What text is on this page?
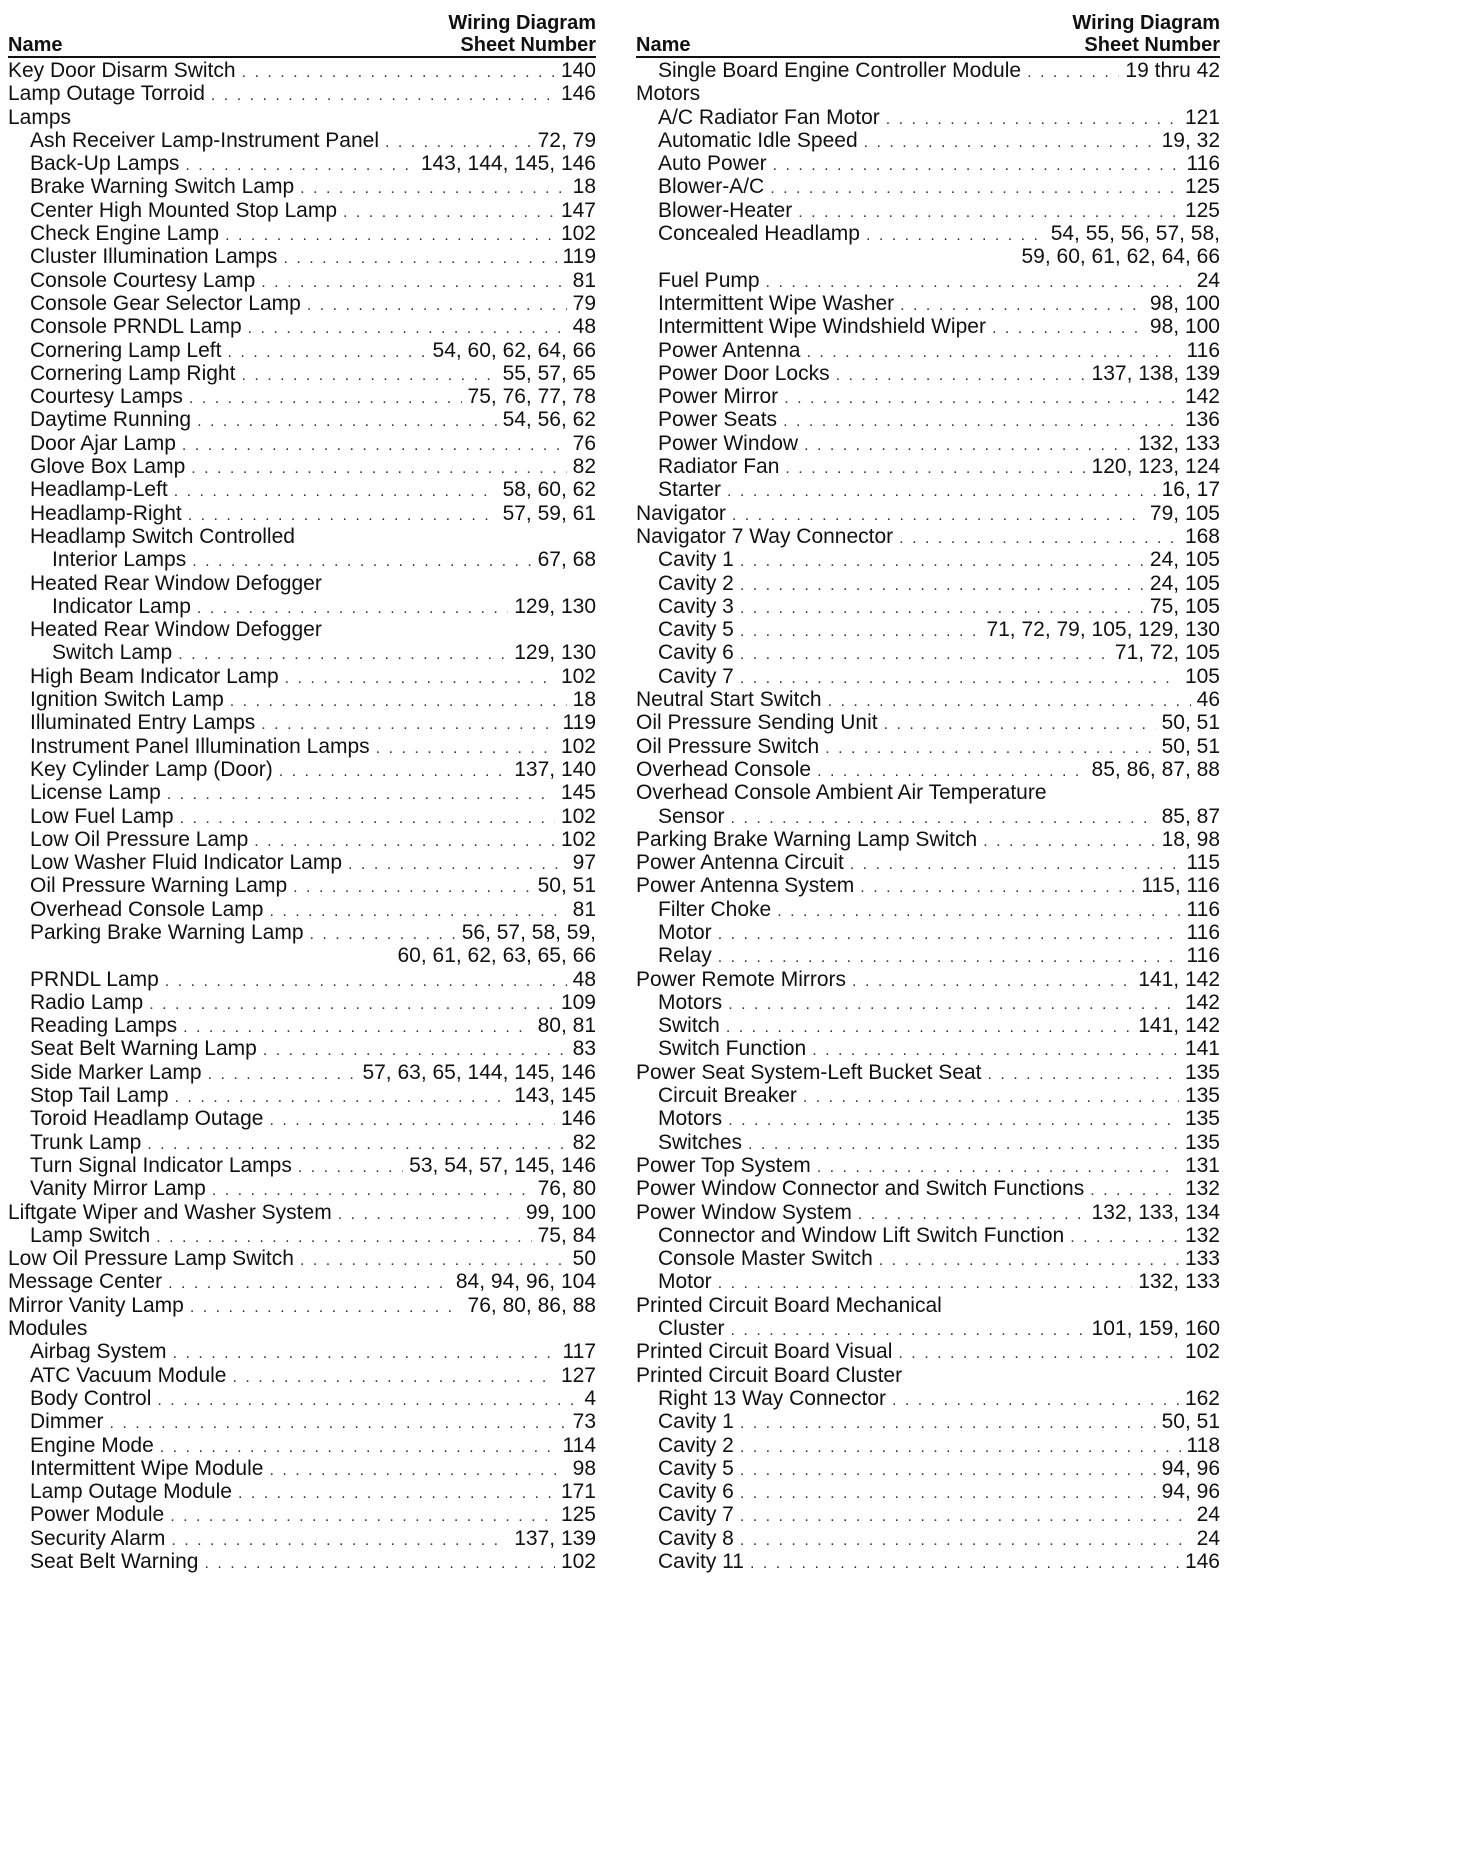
Name
Wiring Diagram
Sheet Number
Key Door Disarm Switch . . .	140
Lamp Outage Torroid . . .	146
Lamps
Ash Receiver Lamp-Instrument Panel . . .	72, 79
Back-Up Lamps . . .	143, 144, 145, 146
Brake Warning Switch Lamp . . .	18
Center High Mounted Stop Lamp . . .	147
Check Engine Lamp . . .	102
Cluster Illumination Lamps . . .	119
Console Courtesy Lamp . . .	81
Console Gear Selector Lamp . . .	79
Console PRNDL Lamp . . .	48
Cornering Lamp Left . . .	54, 60, 62, 64, 66
Cornering Lamp Right . . .	55, 57, 65
Courtesy Lamps . . .	75, 76, 77, 78
Daytime Running . . .	54, 56, 62
Door Ajar Lamp . . .	76
Glove Box Lamp . . .	82
Headlamp-Left . . .	58, 60, 62
Headlamp-Right . . .	57, 59, 61
Headlamp Switch Controlled
Interior Lamps . . .	67, 68
Heated Rear Window Defogger
Indicator Lamp . . .	129, 130
Heated Rear Window Defogger
Switch Lamp . . .	129, 130
High Beam Indicator Lamp . . .	102
Ignition Switch Lamp . . .	18
Illuminated Entry Lamps . . .	119
Instrument Panel Illumination Lamps . . .	102
Key Cylinder Lamp (Door) . . .	137, 140
License Lamp . . .	145
Low Fuel Lamp . . .	102
Low Oil Pressure Lamp . . .	102
Low Washer Fluid Indicator Lamp . . .	97
Oil Pressure Warning Lamp . . .	50, 51
Overhead Console Lamp . . .	81
Parking Brake Warning Lamp . . .	56, 57, 58, 59,
60, 61, 62, 63, 65, 66
PRNDL Lamp . . .	48
Radio Lamp . . .	109
Reading Lamps . . .	80, 81
Seat Belt Warning Lamp . . .	83
Side Marker Lamp . . .	57, 63, 65, 144, 145, 146
Stop Tail Lamp . . .	143, 145
Toroid Headlamp Outage . . .	146
Trunk Lamp . . .	82
Turn Signal Indicator Lamps . . .	53, 54, 57, 145, 146
Vanity Mirror Lamp . . .	76, 80
Liftgate Wiper and Washer System . . .	99, 100
Lamp Switch . . .	75, 84
Low Oil Pressure Lamp Switch . . .	50
Message Center . . .	84, 94, 96, 104
Mirror Vanity Lamp . . .	76, 80, 86, 88
Modules
Airbag System . . .	117
ATC Vacuum Module . . .	127
Body Control . . .	4
Dimmer . . .	73
Engine Mode . . .	114
Intermittent Wipe Module . . .	98
Lamp Outage Module . . .	171
Power Module . . .	125
Security Alarm . . .	137, 139
Seat Belt Warning . . .	102
Name
Wiring Diagram
Sheet Number
Single Board Engine Controller Module . . .	19 thru 42
Motors
A/C Radiator Fan Motor . . .	121
Automatic Idle Speed . . .	19, 32
Auto Power . . .	116
Blower-A/C . . .	125
Blower-Heater . . .	125
Concealed Headlamp . . .	54, 55, 56, 57, 58,
59, 60, 61, 62, 64, 66
Fuel Pump . . .	24
Intermittent Wipe Washer . . .	98, 100
Intermittent Wipe Windshield Wiper . . .	98, 100
Power Antenna . . .	116
Power Door Locks . . .	137, 138, 139
Power Mirror . . .	142
Power Seats . . .	136
Power Window . . .	132, 133
Radiator Fan . . .	120, 123, 124
Starter . . .	16, 17
Navigator . . .	79, 105
Navigator 7 Way Connector . . .	168
Cavity 1 . . .	24, 105
Cavity 2 . . .	24, 105
Cavity 3 . . .	75, 105
Cavity 5 . . .	71, 72, 79, 105, 129, 130
Cavity 6 . . .	71, 72, 105
Cavity 7 . . .	105
Neutral Start Switch . . .	46
Oil Pressure Sending Unit . . .	50, 51
Oil Pressure Switch . . .	50, 51
Overhead Console . . .	85, 86, 87, 88
Overhead Console Ambient Air Temperature
Sensor . . .	85, 87
Parking Brake Warning Lamp Switch . . .	18, 98
Power Antenna Circuit . . .	115
Power Antenna System . . .	115, 116
Filter Choke . . .	116
Motor . . .	116
Relay . . .	116
Power Remote Mirrors . . .	141, 142
Motors . . .	142
Switch . . .	141, 142
Switch Function . . .	141
Power Seat System-Left Bucket Seat . . .	135
Circuit Breaker . . .	135
Motors . . .	135
Switches . . .	135
Power Top System . . .	131
Power Window Connector and Switch Functions . . .	132
Power Window System . . .	132, 133, 134
Connector and Window Lift Switch Function . . .	132
Console Master Switch . . .	133
Motor . . .	132, 133
Printed Circuit Board Mechanical
Cluster . . .	101, 159, 160
Printed Circuit Board Visual . . .	102
Printed Circuit Board Cluster
Right 13 Way Connector . . .	162
Cavity 1 . . .	50, 51
Cavity 2 . . .	118
Cavity 5 . . .	94, 96
Cavity 6 . . .	94, 96
Cavity 7 . . .	24
Cavity 8 . . .	24
Cavity 11 . . .	146
